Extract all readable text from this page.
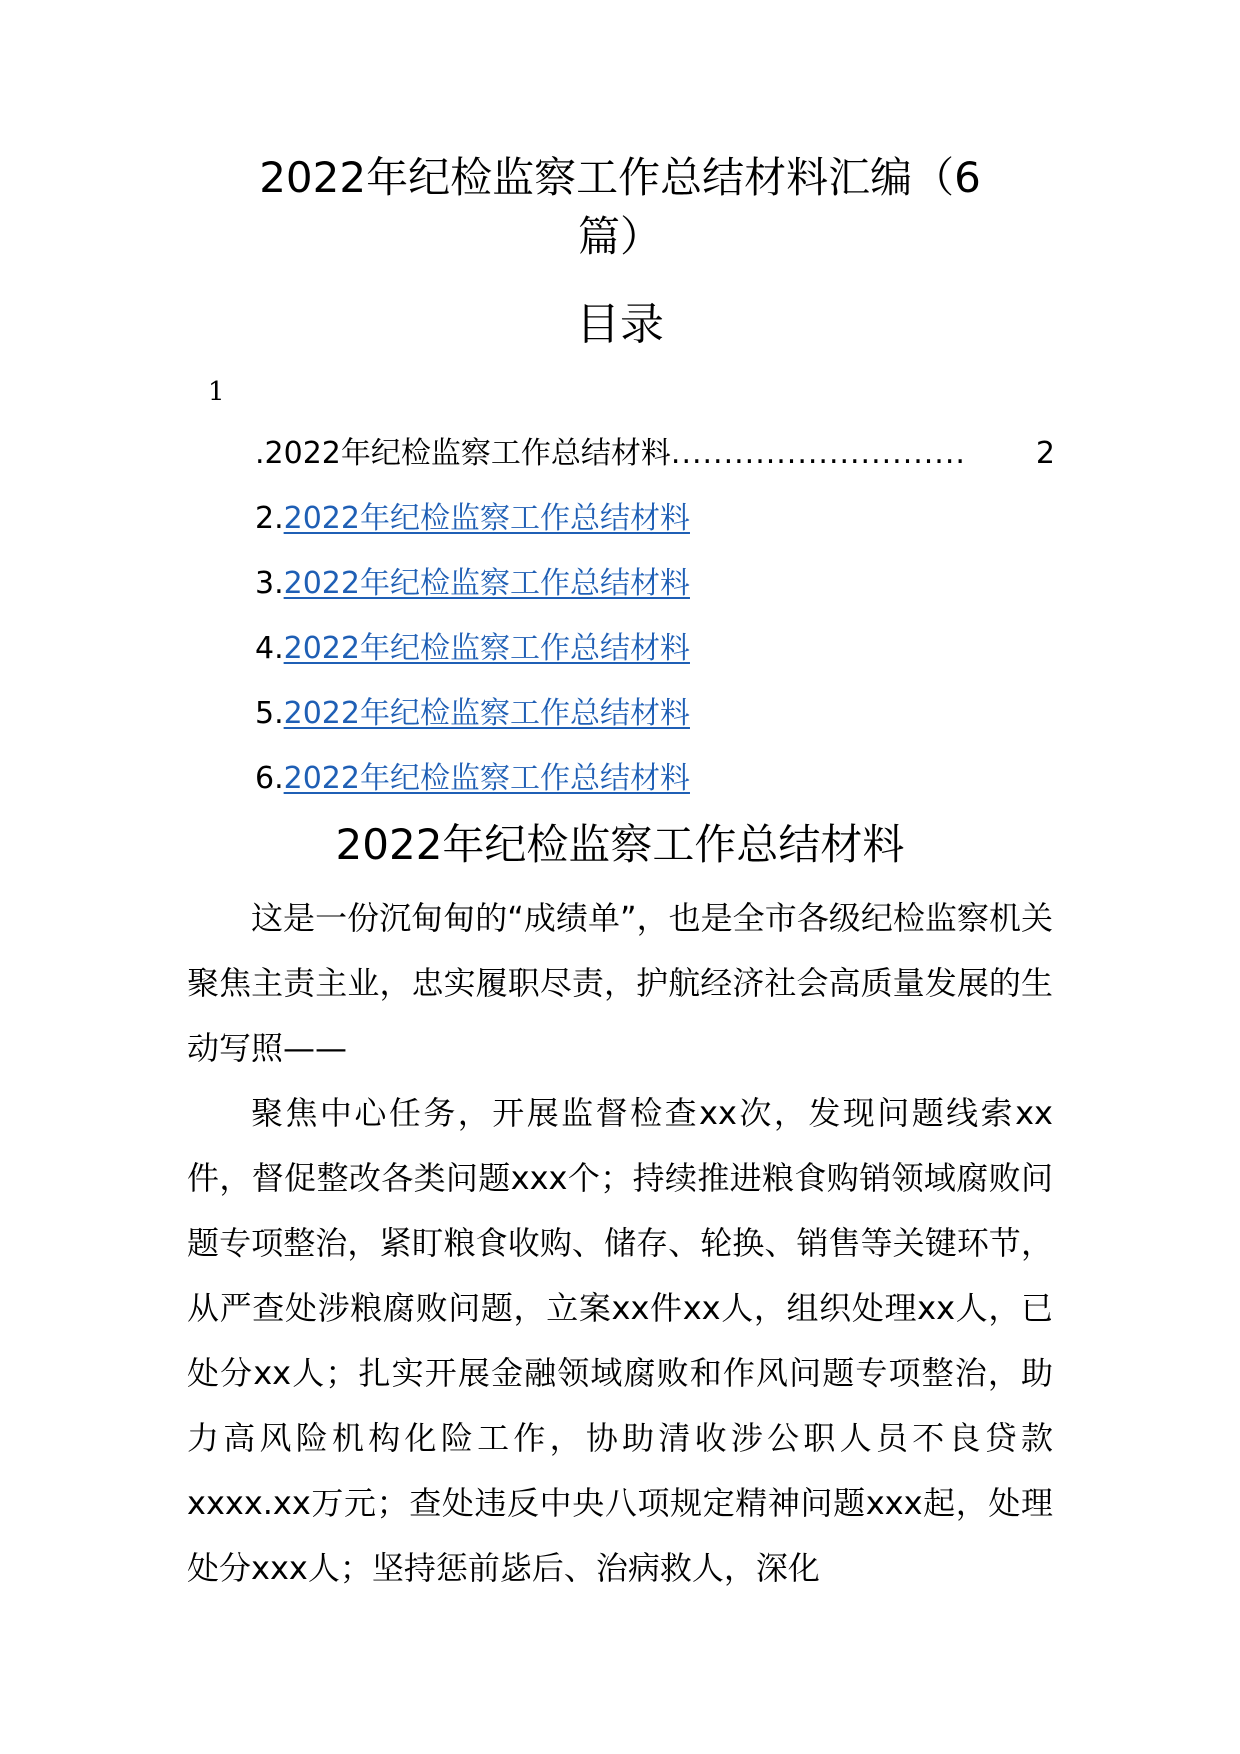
2022年纪检监察工作总结材料汇编（6
篇）
目录
1
. 2022年纪检监察工作总结材料 ............................	2
2. 2022年纪检监察工作总结材料
3. 2022年纪检监察工作总结材料
4. 2022年纪检监察工作总结材料
5. 2022年纪检监察工作总结材料
6. 2022年纪检监察工作总结材料
2022年纪检监察工作总结材料

这是一份沉甸甸的“成绩单”，也是全市各级纪检监察机关聚焦主责主业，忠实履职尽责，护航经济社会高质量发展的生动写照——

聚焦中心任务，开展监督检查xx次，发现问题线索xx件，督促整改各类问题xxx个；持续推进粮食购销领域腐败问题专项整治，紧盯粮食收购、储存、轮换、销售等关键环节，从严查处涉粮腐败问题，立案xx件xx人，组织处理xx人，已处分xx人；扎实开展金融领域腐败和作风问题专项整治，助力高风险机构化险工作，协助清收涉公职人员不良贷款xxxx.xx万元；查处违反中央八项规定精神问题xxx起，处理处分xxx人；坚持惩前毖后、治病救人，深化
